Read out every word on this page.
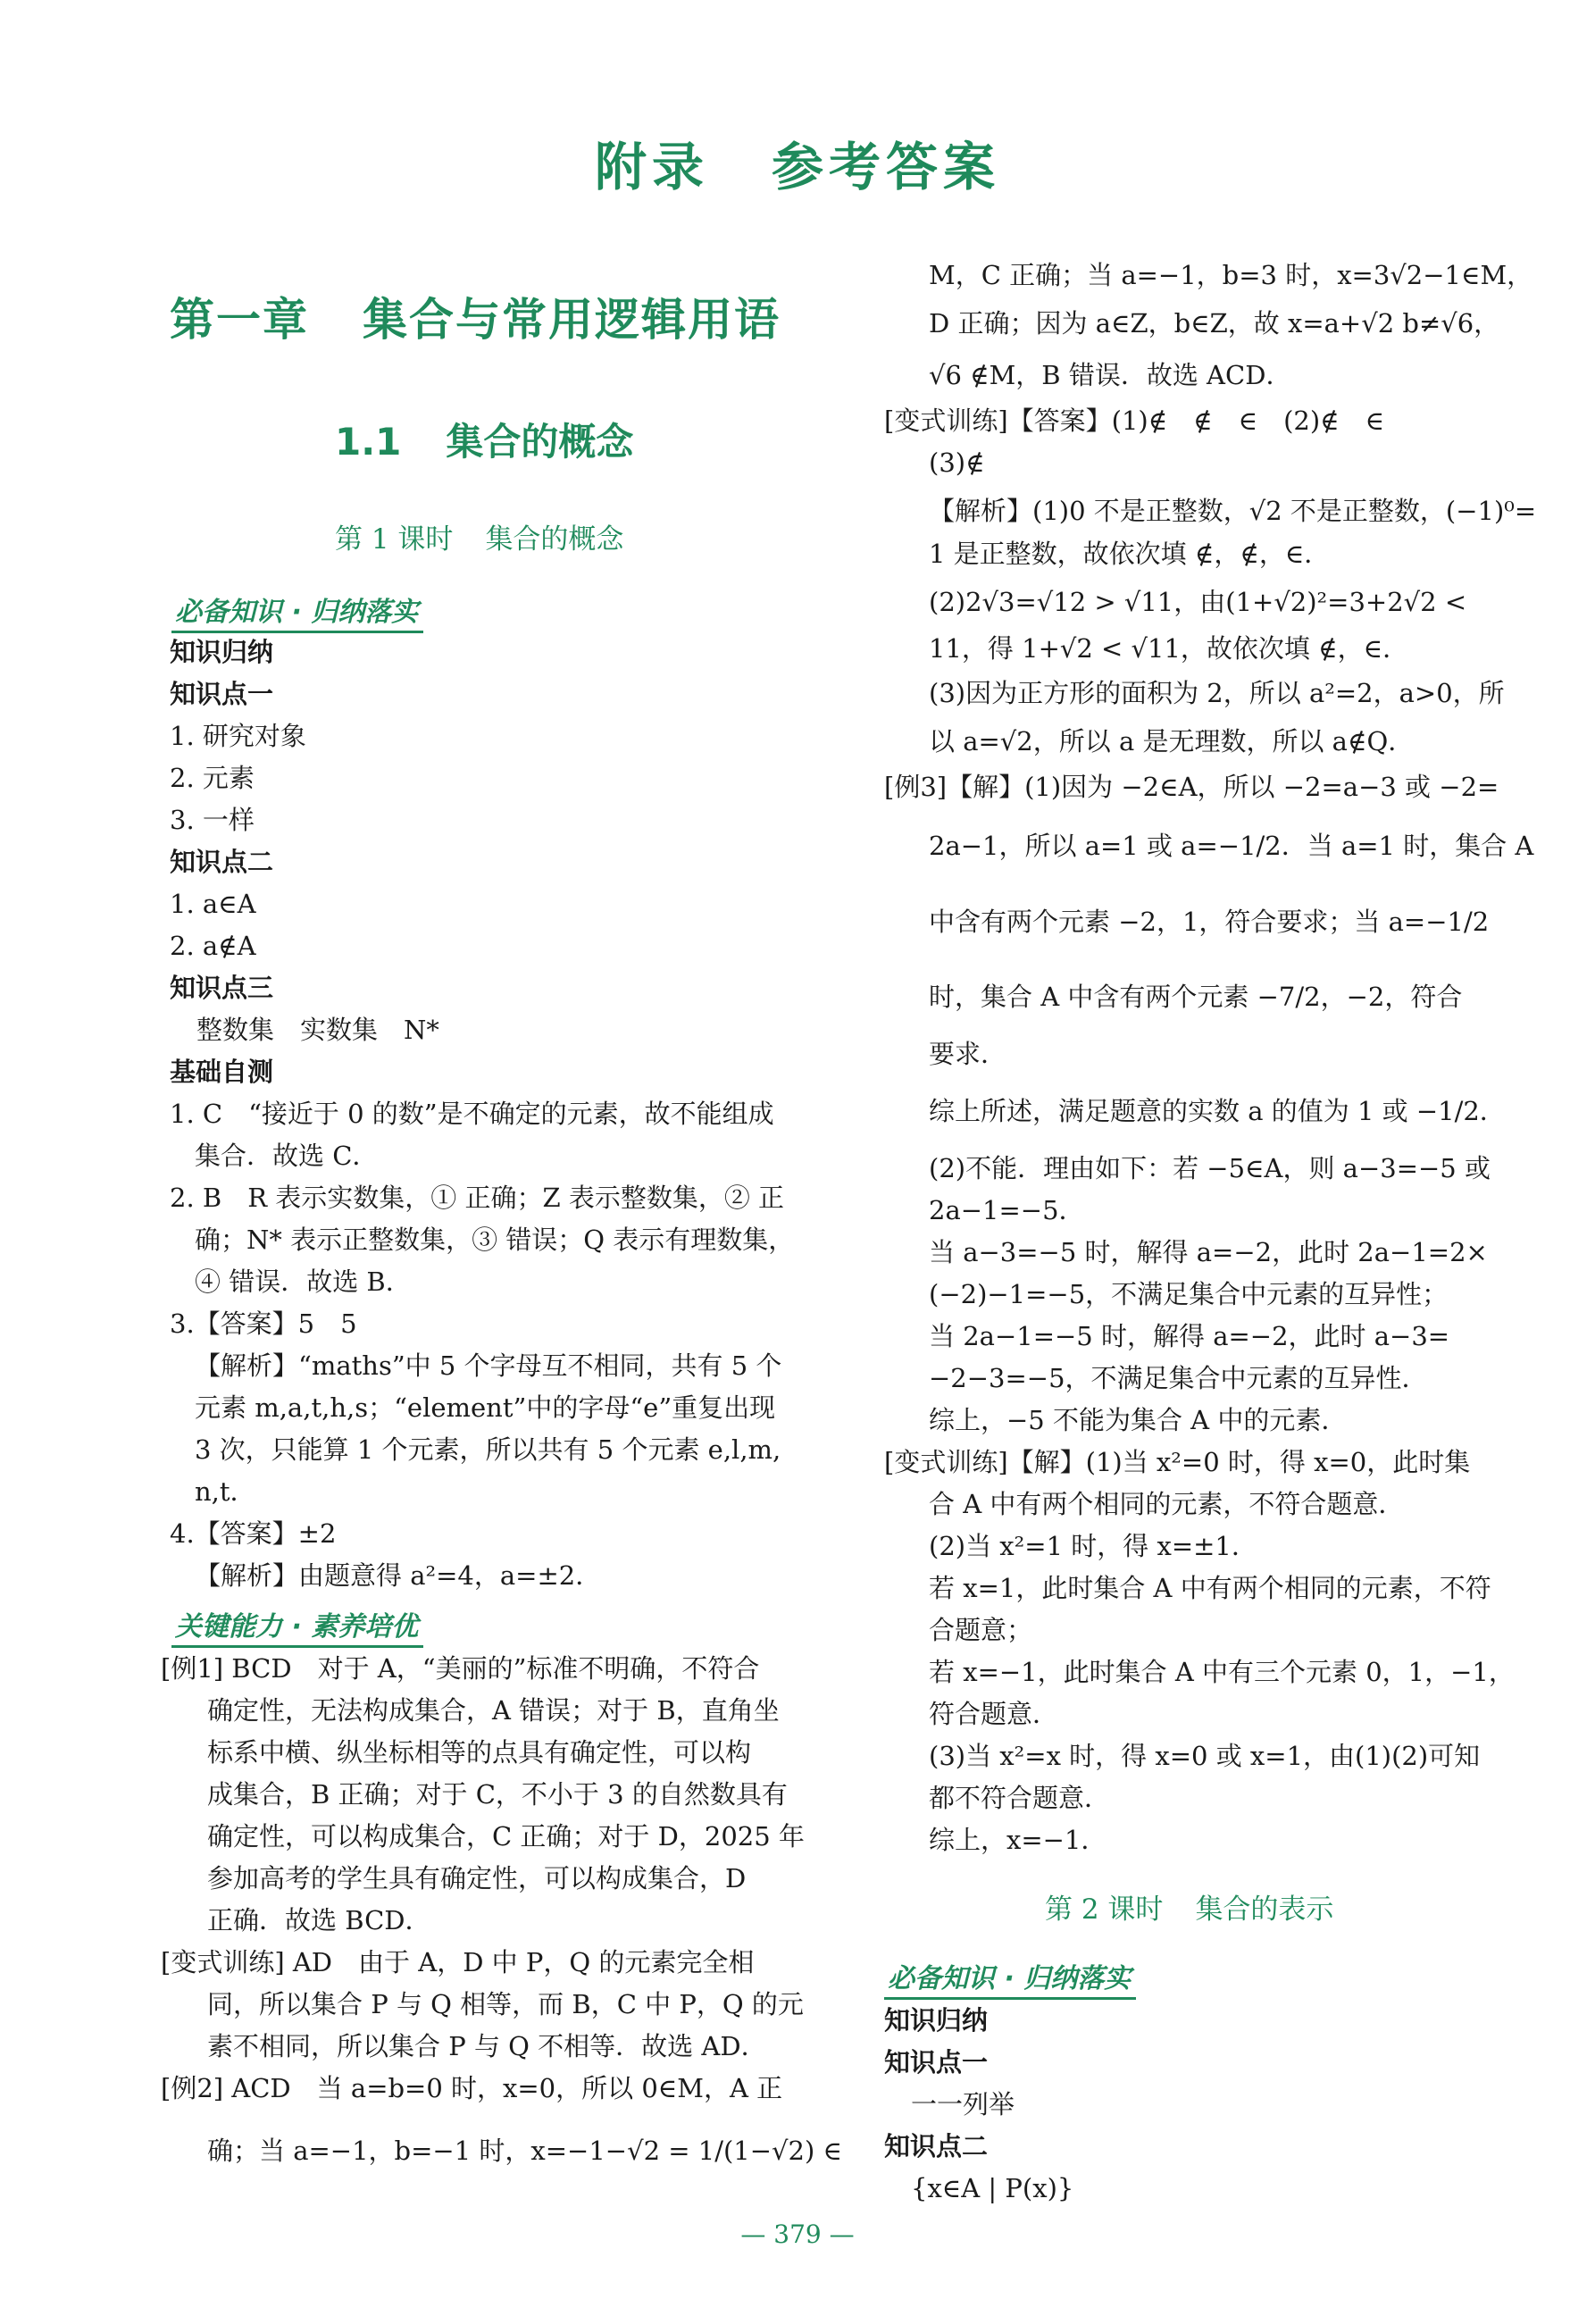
附录 参考答案
第一章 集合与常用逻辑用语
1.1 集合的概念
第 1 课时 集合的概念
必备知识 · 归纳落实
知识归纳
知识点一
1. 研究对象
2. 元素
3. 一样
知识点二
1. a∈A
2. a∉A
知识点三
整数集　实数集　N*
基础自测
1. C　“接近于 0 的数”是不确定的元素，故不能组成
集合．故选 C．
2. B　R 表示实数集，① 正确；Z 表示整数集，② 正
确；N* 表示正整数集，③ 错误；Q 表示有理数集，
④ 错误．故选 B．
3.【答案】5　5
【解析】“maths”中 5 个字母互不相同，共有 5 个
元素 m,a,t,h,s；“element”中的字母“e”重复出现
3 次，只能算 1 个元素，所以共有 5 个元素 e,l,m,
n,t．
4.【答案】±2
【解析】由题意得 a²=4，a=±2．
关键能力 · 素养培优
[例1] BCD　对于 A，“美丽的”标准不明确，不符合
确定性，无法构成集合，A 错误；对于 B，直角坐
标系中横、纵坐标相等的点具有确定性，可以构
成集合，B 正确；对于 C，不小于 3 的自然数具有
确定性，可以构成集合，C 正确；对于 D，2025 年
参加高考的学生具有确定性，可以构成集合，D
正确．故选 BCD．
[变式训练] AD　由于 A，D 中 P，Q 的元素完全相
同，所以集合 P 与 Q 相等，而 B，C 中 P，Q 的元
素不相同，所以集合 P 与 Q 不相等．故选 AD．
[例2] ACD　当 a=b=0 时，x=0，所以 0∈M，A 正
确；当 a=−1，b=−1 时，x=−1−√2 = 1/(1−√2) ∈
M，C 正确；当 a=−1，b=3 时，x=3√2−1∈M，
D 正确；因为 a∈Z，b∈Z，故 x=a+√2 b≠√6，
√6 ∉M，B 错误．故选 ACD．
[变式训练]【答案】(1)∉　∉　∈　(2)∉　∈
(3)∉
【解析】(1)0 不是正整数，√2 不是正整数，(−1)⁰=
1 是正整数，故依次填 ∉，∉，∈．
(2)2√3=√12 > √11，由(1+√2)²=3+2√2 <
11，得 1+√2 < √11，故依次填 ∉，∈．
(3)因为正方形的面积为 2，所以 a²=2，a>0，所
以 a=√2，所以 a 是无理数，所以 a∉Q．
[例3]【解】(1)因为 −2∈A，所以 −2=a−3 或 −2=
2a−1，所以 a=1 或 a=−1/2．当 a=1 时，集合 A
中含有两个元素 −2，1，符合要求；当 a=−1/2
时，集合 A 中含有两个元素 −7/2，−2，符合
要求．
综上所述，满足题意的实数 a 的值为 1 或 −1/2．
(2)不能．理由如下：若 −5∈A，则 a−3=−5 或
2a−1=−5．
当 a−3=−5 时，解得 a=−2，此时 2a−1=2×
(−2)−1=−5，不满足集合中元素的互异性；
当 2a−1=−5 时，解得 a=−2，此时 a−3=
−2−3=−5，不满足集合中元素的互异性．
综上，−5 不能为集合 A 中的元素．
[变式训练]【解】(1)当 x²=0 时，得 x=0，此时集
合 A 中有两个相同的元素，不符合题意．
(2)当 x²=1 时，得 x=±1．
若 x=1，此时集合 A 中有两个相同的元素，不符
合题意；
若 x=−1，此时集合 A 中有三个元素 0，1，−1，
符合题意．
(3)当 x²=x 时，得 x=0 或 x=1，由(1)(2)可知
都不符合题意．
综上，x=−1．
第 2 课时 集合的表示
必备知识 · 归纳落实
知识归纳
知识点一
一一列举
知识点二
{x∈A | P(x)}
— 379 —
